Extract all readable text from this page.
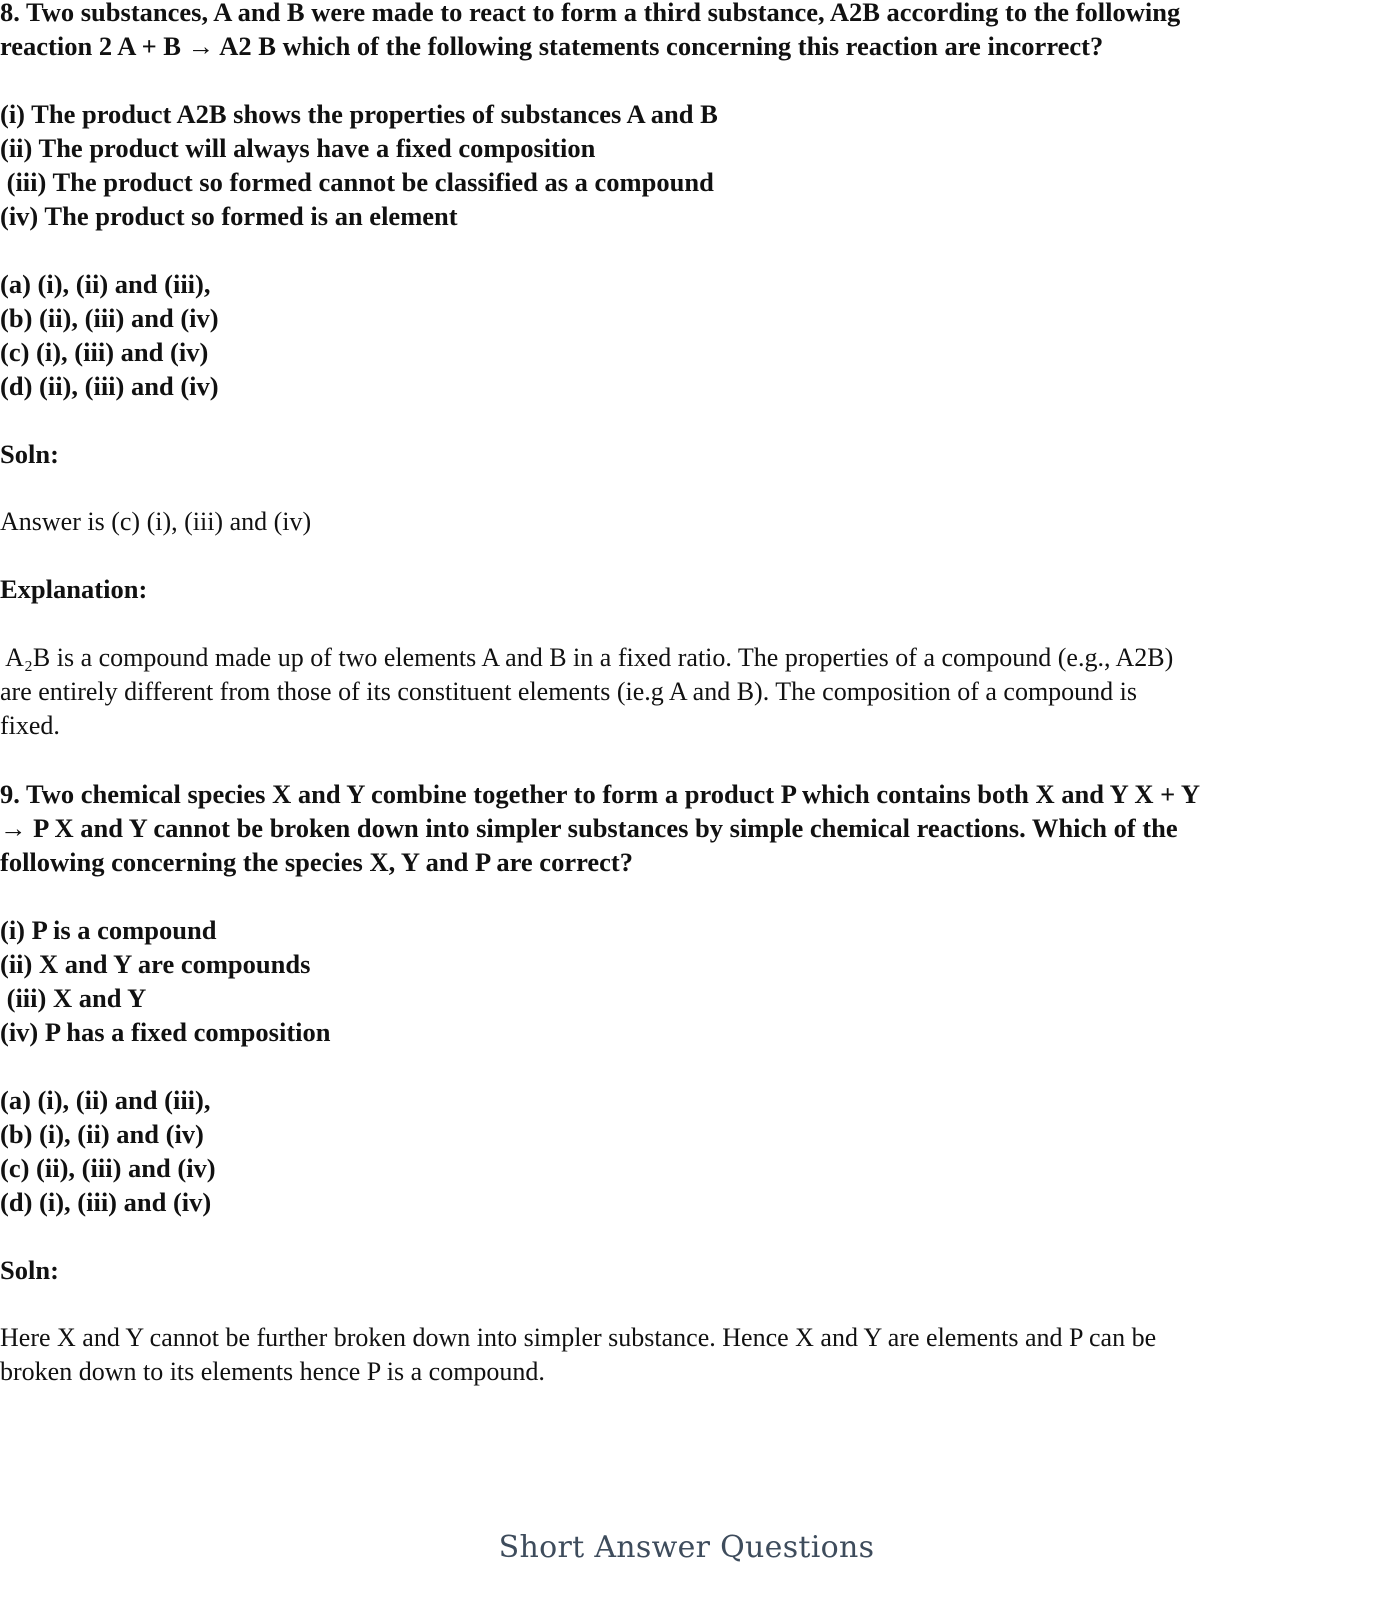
8. Two substances, A and B were made to react to form a third substance, A2B according to the following
reaction 2 A + B → A2 B which of the following statements concerning this reaction are incorrect?
(i) The product A2B shows the properties of substances A and B
(ii) The product will always have a fixed composition
(iii) The product so formed cannot be classified as a compound
(iv) The product so formed is an element
(a) (i), (ii) and (iii),
(b) (ii), (iii) and (iv)
(c) (i), (iii) and (iv)
(d) (ii), (iii) and (iv)
Soln:
Answer is (c) (i), (iii) and (iv)
Explanation:
A₂B is a compound made up of two elements A and B in a fixed ratio. The properties of a compound (e.g., A2B)
are entirely different from those of its constituent elements (ie.g A and B). The composition of a compound is
fixed.
9. Two chemical species X and Y combine together to form a product P which contains both X and Y X + Y
→ P X and Y cannot be broken down into simpler substances by simple chemical reactions. Which of the
following concerning the species X, Y and P are correct?
(i) P is a compound
(ii) X and Y are compounds
(iii) X and Y
(iv) P has a fixed composition
(a) (i), (ii) and (iii),
(b) (i), (ii) and (iv)
(c) (ii), (iii) and (iv)
(d) (i), (iii) and (iv)
Soln:
Here X and Y cannot be further broken down into simpler substance. Hence X and Y are elements and P can be
broken down to its elements hence P is a compound.
Short Answer Questions
